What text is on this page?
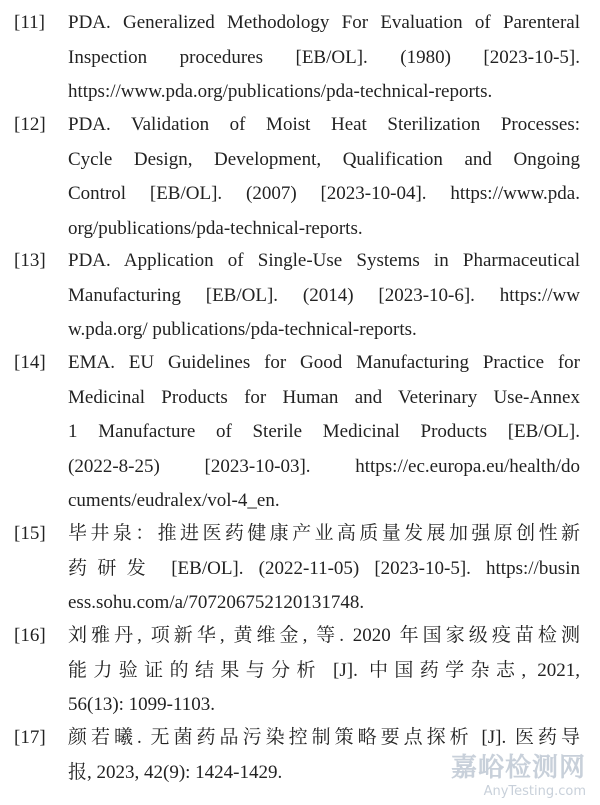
[11] PDA. Generalized Methodology For Evaluation of Parenteral
Inspection procedures [EB/OL]. (1980) [2023-10-5].
https://www.pda.org/publications/pda-technical-reports.
[12] PDA. Validation of Moist Heat Sterilization Processes:
Cycle Design, Development, Qualification and Ongoing
Control [EB/OL]. (2007) [2023-10-04]. https://www.pda.
org/publications/pda-technical-reports.
[13] PDA. Application of Single-Use Systems in Pharmaceutical
Manufacturing [EB/OL]. (2014) [2023-10-6]. https://ww
w.pda.org/ publications/pda-technical-reports.
[14] EMA. EU Guidelines for Good Manufacturing Practice for
Medicinal Products for Human and Veterinary Use-Annex
1 Manufacture of Sterile Medicinal Products [EB/OL].
(2022-8-25) [2023-10-03]. https://ec.europa.eu/health/do
cuments/eudralex/vol-4_en.
[15] 毕井泉：推进医药健康产业高质量发展加强原创性新
药研发 [EB/OL]. (2022-11-05) [2023-10-5]. https://busin
ess.sohu.com/a/707206752120131748.
[16] 刘雅丹, 项新华, 黄维金, 等. 2020 年国家级疫苗检测
能力验证的结果与分析 [J]. 中国药学杂志, 2021,
56(13): 1099-1103.
[17] 颜若曦. 无菌药品污染控制策略要点探析 [J]. 医药导
报, 2023, 42(9): 1424-1429.	嘉峪检测网
AnyTesting.com
